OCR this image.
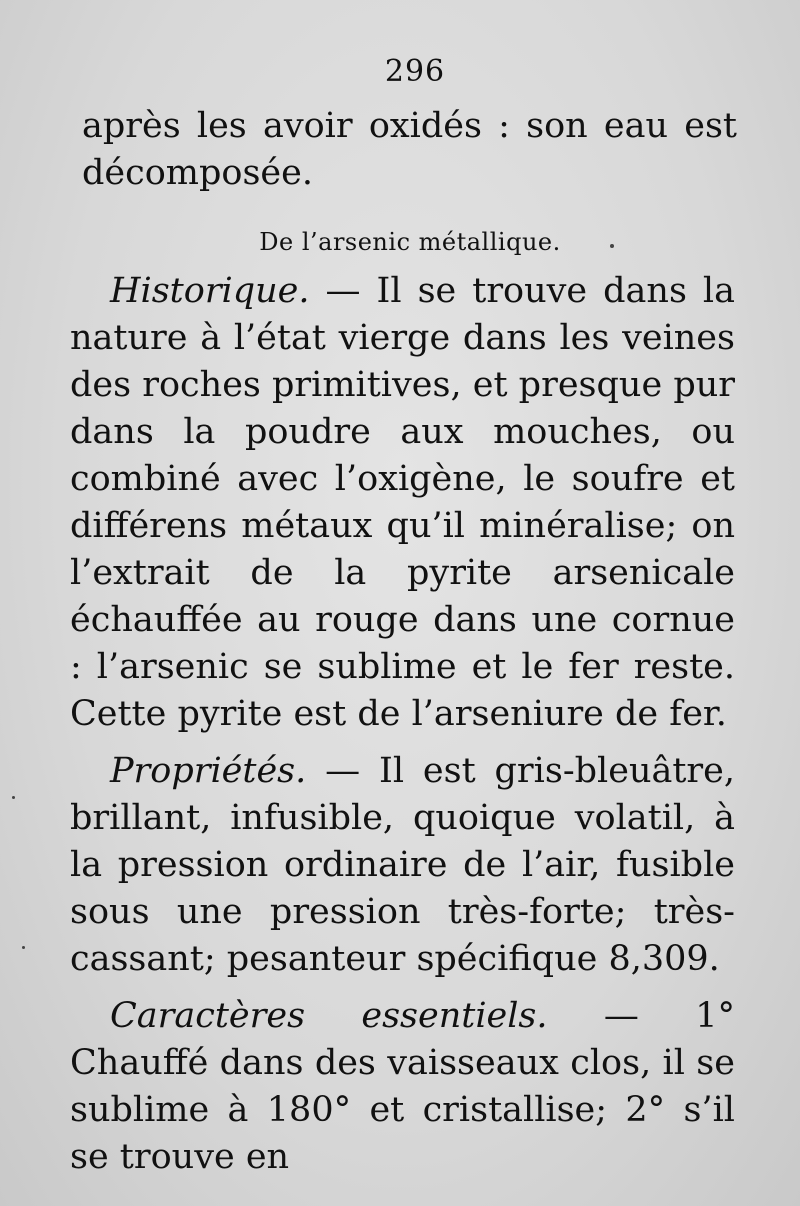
296

après les avoir oxidés : son eau est décomposée.

De l’arsenic métallique.

Historique. — Il se trouve dans la nature à l’état vierge dans les veines des roches primitives, et presque pur dans la poudre aux mouches, ou combiné avec l’oxigène, le soufre et différens métaux qu’il minéralise; on l’extrait de la pyrite arsenicale échauffée au rouge dans une cornue : l’arsenic se sublime et le fer reste. Cette pyrite est de l’arseniure de fer.

Propriétés. — Il est gris-bleuâtre, brillant, infusible, quoique volatil, à la pression ordinaire de l’air, fusible sous une pression très-forte; très-cassant; pesanteur spécifique 8,309.

Caractères essentiels. — 1° Chauffé dans des vaisseaux clos, il se sublime à 180° et cristallise; 2° s’il se trouve en
